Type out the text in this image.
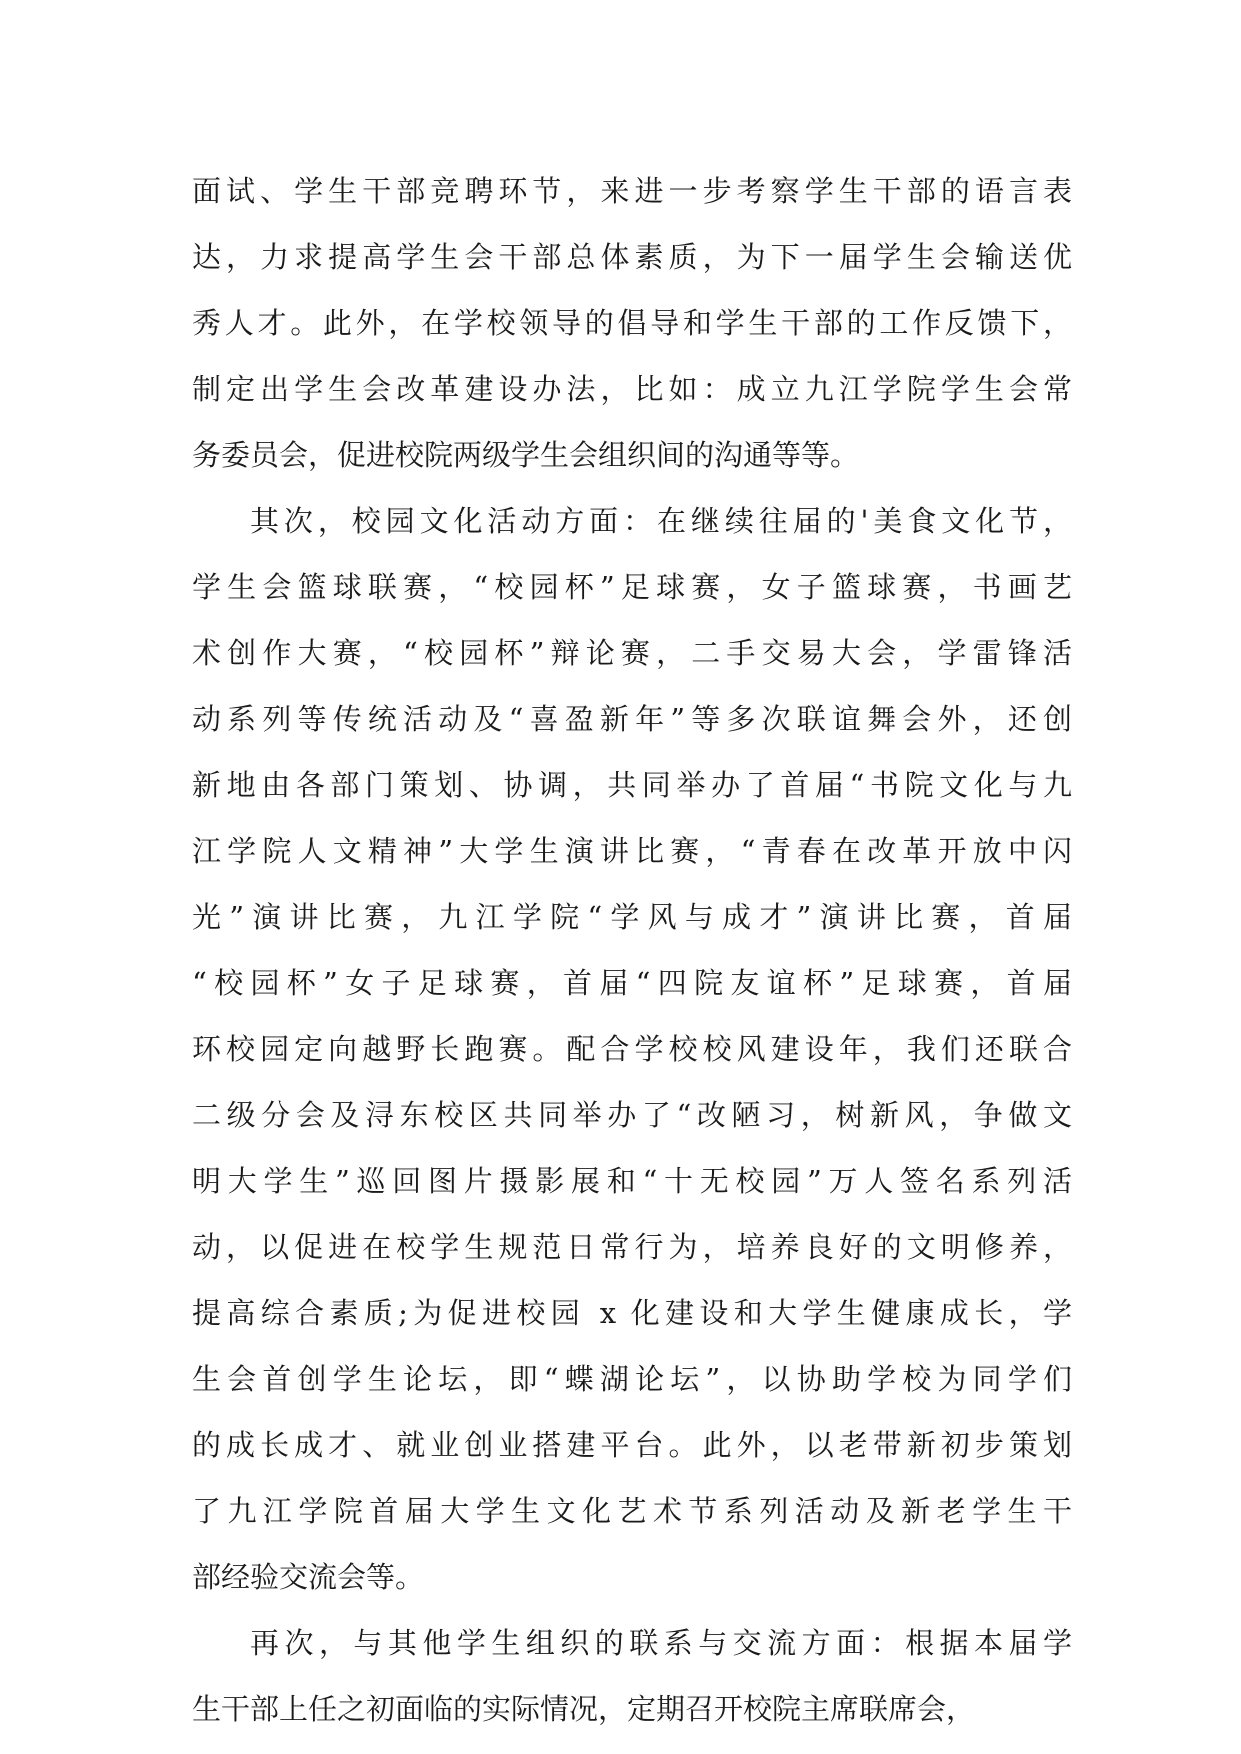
面试、学生干部竞聘环节，来进一步考察学生干部的语言表
达，力求提高学生会干部总体素质，为下一届学生会输送优
秀人才。此外，在学校领导的倡导和学生干部的工作反馈下，
制定出学生会改革建设办法，比如：成立九江学院学生会常
务委员会，促进校院两级学生会组织间的沟通等等。
其次，校园文化活动方面：在继续往届的'美食文化节，
学生会篮球联赛，“校园杯”足球赛，女子篮球赛，书画艺
术创作大赛，“校园杯”辩论赛，二手交易大会，学雷锋活
动系列等传统活动及“喜盈新年”等多次联谊舞会外，还创
新地由各部门策划、协调，共同举办了首届“书院文化与九
江学院人文精神”大学生演讲比赛，“青春在改革开放中闪
光”演讲比赛，九江学院“学风与成才”演讲比赛，首届
“校园杯”女子足球赛，首届“四院友谊杯”足球赛，首届
环校园定向越野长跑赛。配合学校校风建设年，我们还联合
二级分会及浔东校区共同举办了“改陋习，树新风，争做文
明大学生”巡回图片摄影展和“十无校园”万人签名系列活
动，以促进在校学生规范日常行为，培养良好的文明修养，
提高综合素质;为促进校园 x 化建设和大学生健康成长，学
生会首创学生论坛，即“蝶湖论坛”，以协助学校为同学们
的成长成才、就业创业搭建平台。此外，以老带新初步策划
了九江学院首届大学生文化艺术节系列活动及新老学生干
部经验交流会等。
再次，与其他学生组织的联系与交流方面：根据本届学
生干部上任之初面临的实际情况，定期召开校院主席联席会，
